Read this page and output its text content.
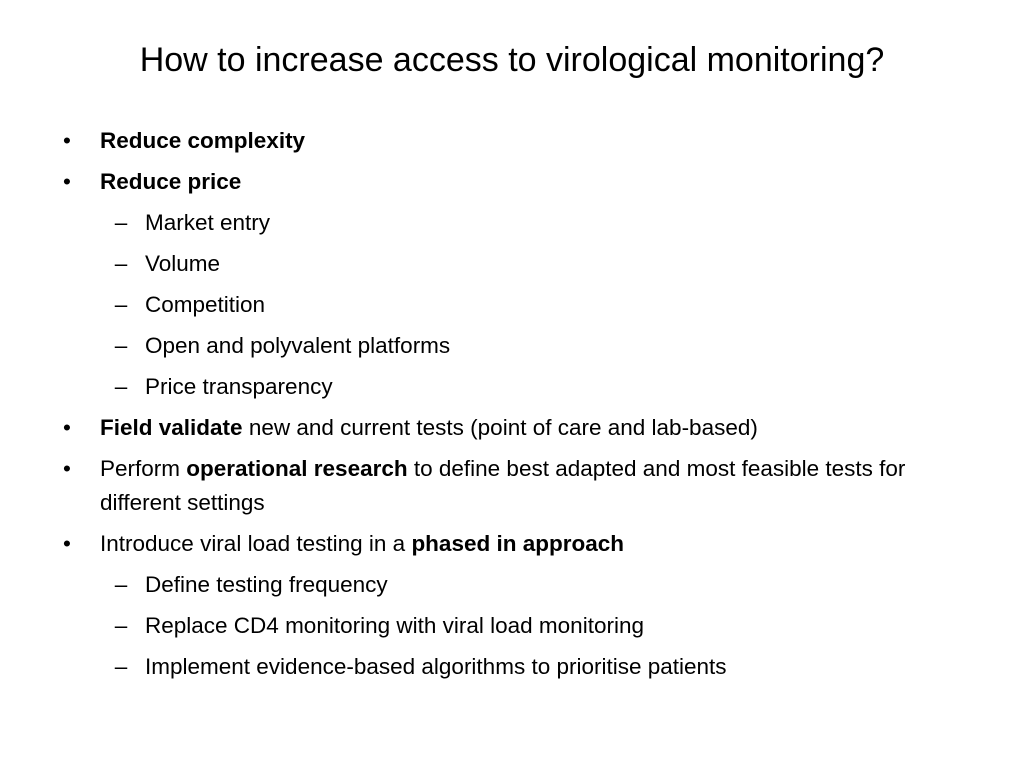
How to increase access to virological monitoring?
• Reduce complexity
• Reduce price
– Market entry
– Volume
– Competition
– Open and polyvalent platforms
– Price transparency
• Field validate new and current tests (point of care and lab-based)
• Perform operational research to define best adapted and most feasible tests for different settings
• Introduce viral load testing in a phased in approach
– Define testing frequency
– Replace CD4 monitoring with viral load monitoring
– Implement evidence-based algorithms to prioritise patients
